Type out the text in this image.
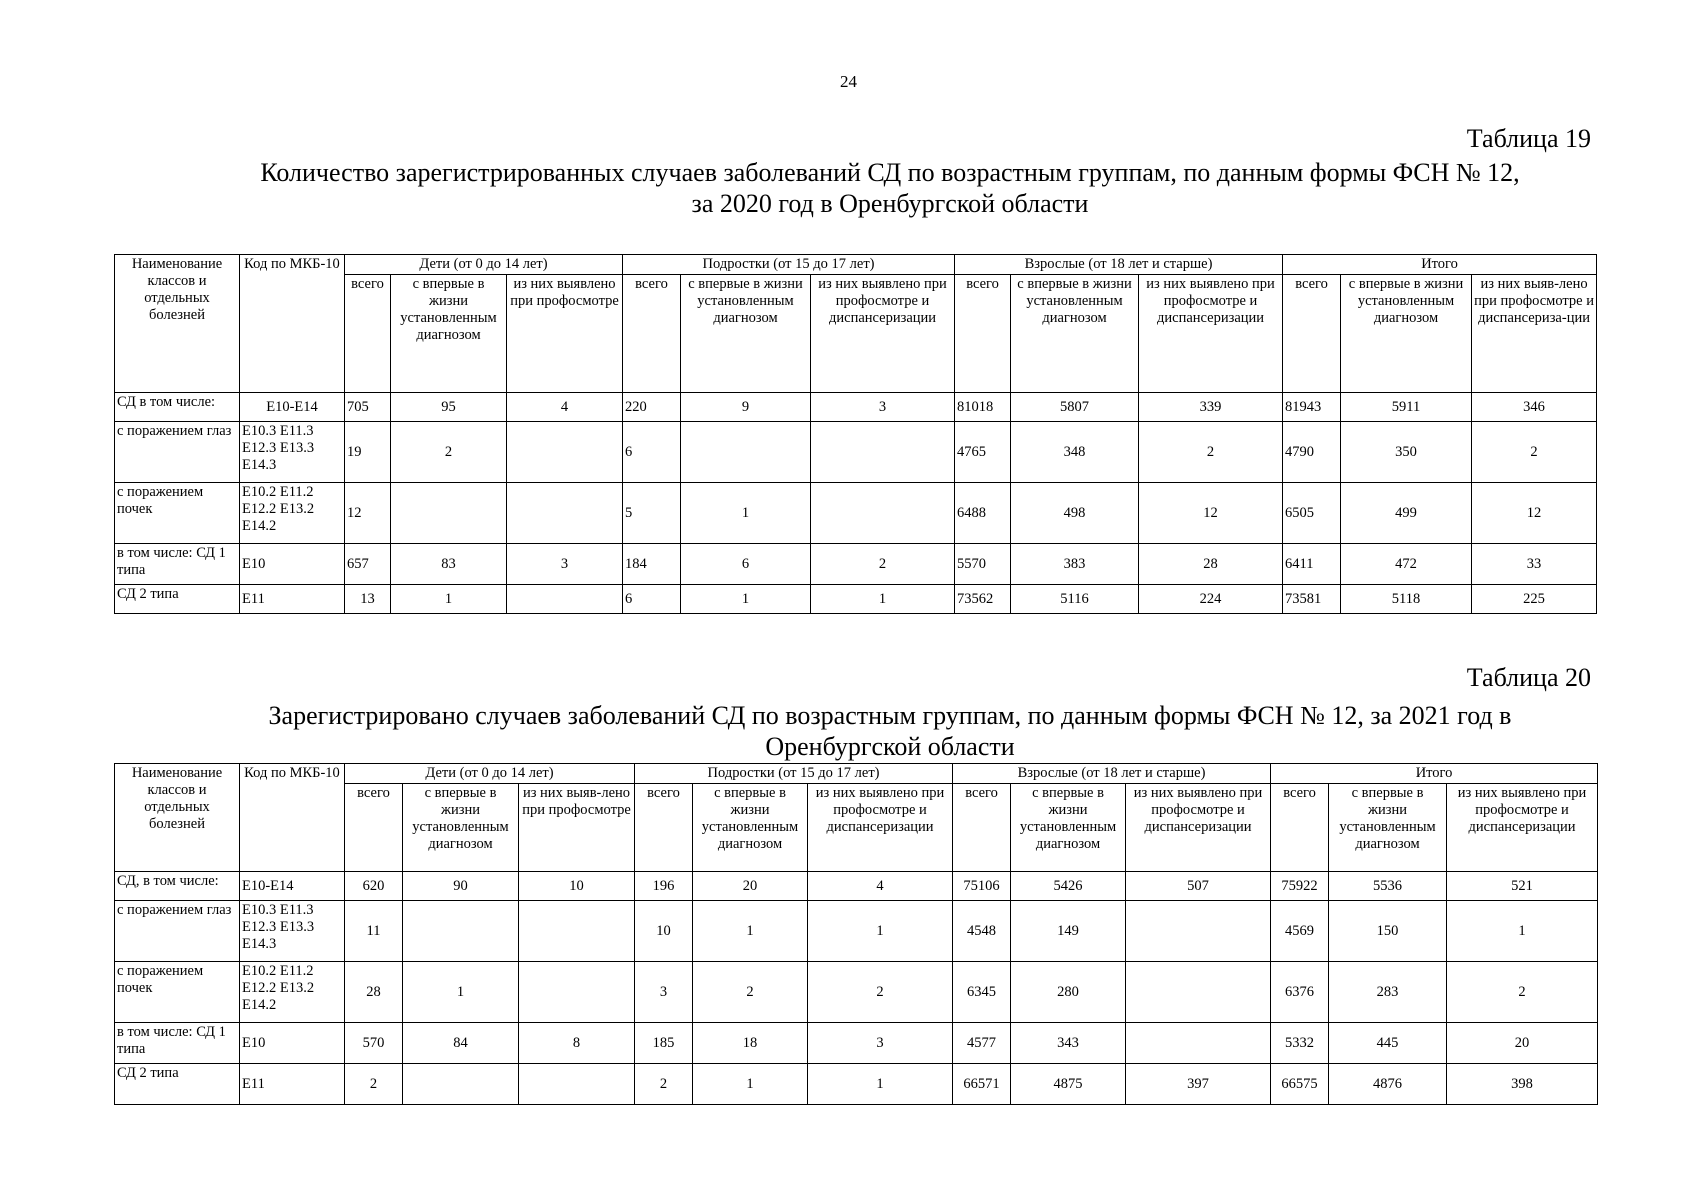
24
Таблица 19
Количество зарегистрированных случаев заболеваний СД по возрастным группам, по данным формы ФСН № 12,
за 2020 год в Оренбургской области
Наименование классов и отдельных болезней	Код по МКБ-10	Дети (от 0 до 14 лет)			Подростки (от 15 до 17 лет)			Взрослые (от 18 лет и старше)			Итого		
		всего	с впервые в жизни установленным диагнозом	из них выявлено при профосмотре	всего	с впервые в жизни установленным диагнозом	из них выявлено при профосмотре и диспансеризации	всего	с впервые в жизни установленным диагнозом	из них выявлено при профосмотре и диспансеризации	всего	с впервые в жизни установленным диагнозом	из них выяв-лено при профосмотре и диспансериза-ции
СД в том числе:	Е10-Е14	705	95	4	220	9	3	81018	5807	339	81943	5911	346
с поражением глаз	Е10.3 Е11.3 Е12.3 Е13.3 Е14.3	19	2		6			4765	348	2	4790	350	2
с поражением почек	Е10.2 Е11.2 Е12.2 Е13.2 Е14.2	12			5	1		6488	498	12	6505	499	12
в том числе: СД 1 типа	Е10	657	83	3	184	6	2	5570	383	28	6411	472	33
СД 2 типа	Е11	13	1		6	1	1	73562	5116	224	73581	5118	225
Таблица 20
Зарегистрировано случаев заболеваний СД по возрастным группам, по данным формы ФСН № 12, за 2021 год в
Оренбургской области
Наименование классов и отдельных болезней	Код по МКБ-10	Дети (от 0 до 14 лет)			Подростки (от 15 до 17 лет)			Взрослые (от 18 лет и старше)			Итого		
		всего	с впервые в жизни установленным диагнозом	из них выяв-лено при профосмотре	всего	с впервые в жизни установленным диагнозом	из них выявлено при профосмотре и диспансеризации	всего	с впервые в жизни установленным диагнозом	из них выявлено при профосмотре и диспансеризации	всего	с впервые в жизни установленным диагнозом	из них выявлено при профосмотре и диспансеризации
СД, в том числе:	Е10-Е14	620	90	10	196	20	4	75106	5426	507	75922	5536	521
с поражением глаз	Е10.3 Е11.3 Е12.3 Е13.3 Е14.3	11			10	1	1	4548	149		4569	150	1
с поражением почек	Е10.2 Е11.2 Е12.2 Е13.2 Е14.2	28	1		3	2	2	6345	280		6376	283	2
в том числе: СД 1 типа	Е10	570	84	8	185	18	3	4577	343		5332	445	20
СД 2 типа	Е11	2			2	1	1	66571	4875	397	66575	4876	398
